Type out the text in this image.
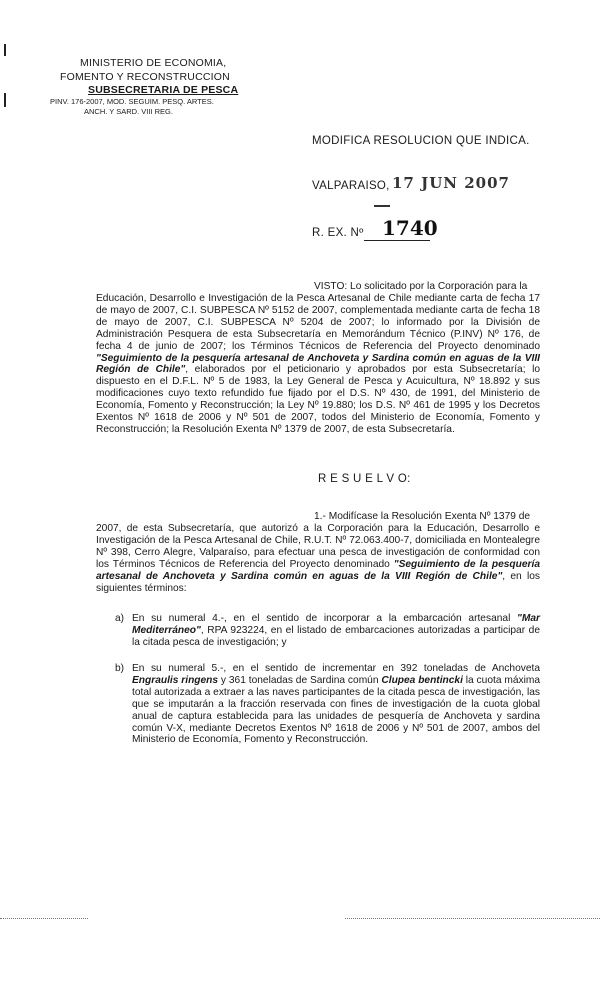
MINISTERIO DE ECONOMIA,
FOMENTO Y RECONSTRUCCION
SUBSECRETARIA DE PESCA
PINV. 176-2007, MOD. SEGUIM. PESQ. ARTES.
ANCH. Y SARD. VIII REG.
MODIFICA RESOLUCION QUE INDICA.
VALPARAISO, 17 JUN 2007
R. EX. Nº 1740
VISTO: Lo solicitado por la Corporación para la
Educación, Desarrollo e Investigación de la Pesca Artesanal de Chile mediante carta de fecha 17 de mayo de 2007, C.I. SUBPESCA Nº 5152 de 2007, complementada mediante carta de fecha 18 de mayo de 2007, C.I. SUBPESCA Nº 5204 de 2007; lo informado por la División de Administración Pesquera de esta Subsecretaría en Memorándum Técnico (P.INV) Nº 176, de fecha 4 de junio de 2007; los Términos Técnicos de Referencia del Proyecto denominado "Seguimiento de la pesquería artesanal de Anchoveta y Sardina común en aguas de la VIII Región de Chile", elaborados por el peticionario y aprobados por esta Subsecretaría; lo dispuesto en el D.F.L. Nº 5 de 1983, la Ley General de Pesca y Acuicultura, Nº 18.892 y sus modificaciones cuyo texto refundido fue fijado por el D.S. Nº 430, de 1991, del Ministerio de Economía, Fomento y Reconstrucción; la Ley Nº 19.880; los D.S. Nº 461 de 1995 y los Decretos Exentos Nº 1618 de 2006 y Nº 501 de 2007, todos del Ministerio de Economía, Fomento y Reconstrucción; la Resolución Exenta Nº 1379 de 2007, de esta Subsecretaría.
R E S U E L V O:
1.- Modifícase la Resolución Exenta Nº 1379 de
2007, de esta Subsecretaría, que autorizó a la Corporación para la Educación, Desarrollo e Investigación de la Pesca Artesanal de Chile, R.U.T. Nº 72.063.400-7, domiciliada en Montealegre Nº 398, Cerro Alegre, Valparaíso, para efectuar una pesca de investigación de conformidad con los Términos Técnicos de Referencia del Proyecto denominado "Seguimiento de la pesquería artesanal de Anchoveta y Sardina común en aguas de la VIII Región de Chile", en los siguientes términos:
a) En su numeral 4.-, en el sentido de incorporar a la embarcación artesanal "Mar Mediterráneo", RPA 923224, en el listado de embarcaciones autorizadas a participar de la citada pesca de investigación; y
b) En su numeral 5.-, en el sentido de incrementar en 392 toneladas de Anchoveta Engraulis ringens y 361 toneladas de Sardina común Clupea bentincki la cuota máxima total autorizada a extraer a las naves participantes de la citada pesca de investigación, las que se imputarán a la fracción reservada con fines de investigación de la cuota global anual de captura establecida para las unidades de pesquería de Anchoveta y sardina común V-X, mediante Decretos Exentos Nº 1618 de 2006 y Nº 501 de 2007, ambos del Ministerio de Economía, Fomento y Reconstrucción.
